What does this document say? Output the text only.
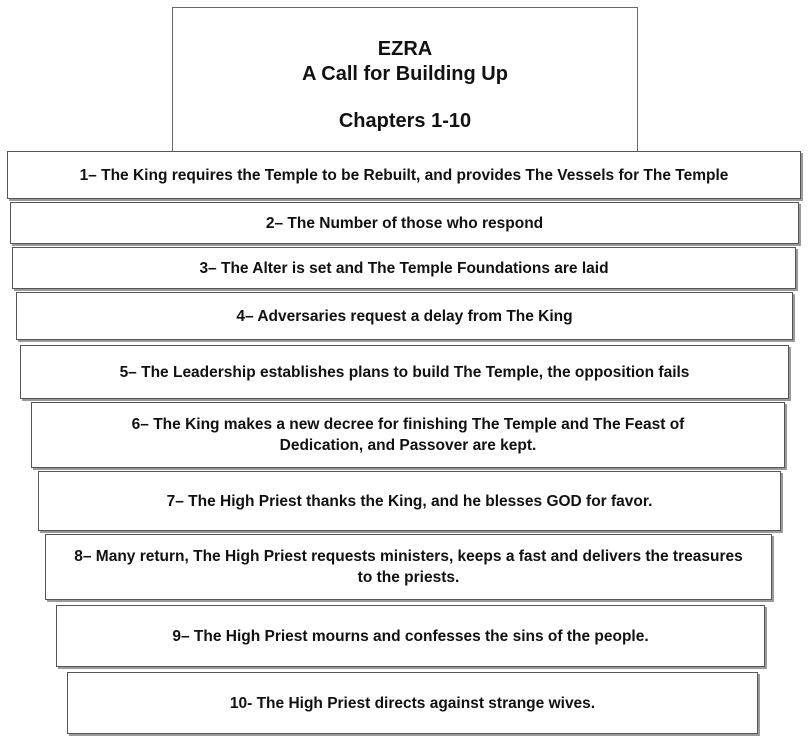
EZRA
A Call for Building Up
Chapters 1-10
1– The King requires the Temple to be Rebuilt, and provides The Vessels for The Temple
2– The Number of those who respond
3– The Alter is set and The Temple Foundations are laid
4– Adversaries request a delay from The King
5– The Leadership establishes plans to build The Temple, the opposition fails
6– The King makes a new decree for finishing The Temple and The Feast of Dedication, and Passover are kept.
7– The High Priest thanks the King, and he blesses GOD for favor.
8– Many return, The High Priest requests ministers, keeps a fast and delivers the treasures to the priests.
9– The High Priest mourns and confesses the sins of the people.
10- The High Priest directs against strange wives.
